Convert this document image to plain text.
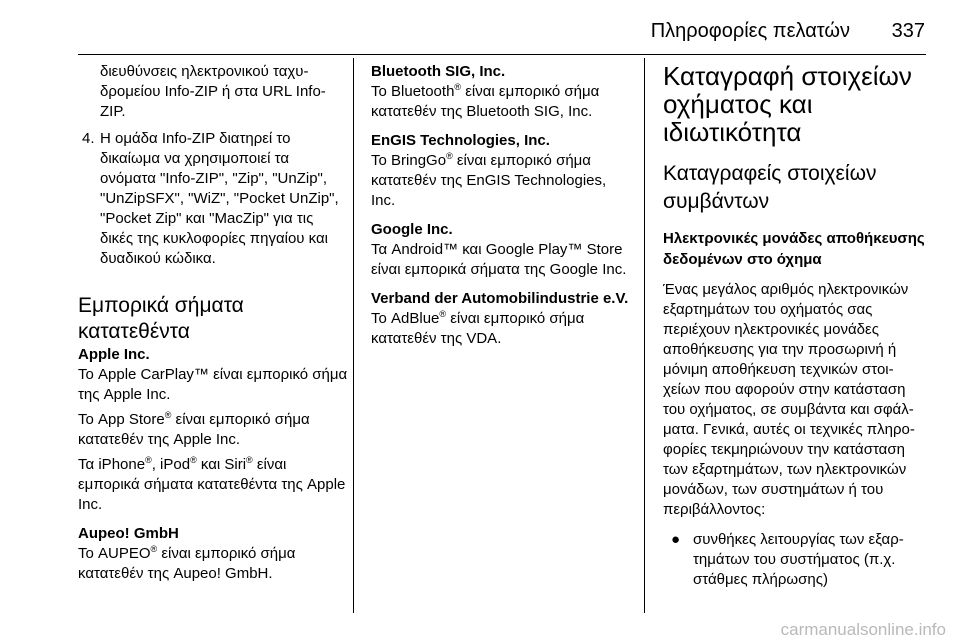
Πληροφορίες πελατών 337

διευθύνσεις ηλεκτρονικού ταχυδρομείου Info-ZIP ή στα URL Info-ZIP.

4. Η ομάδα Info-ZIP διατηρεί το δικαίωμα να χρησιμοποιεί τα ονόματα "Info-ZIP", "Zip", "UnZip", "UnZipSFX", "WiZ", "Pocket UnZip", "Pocket Zip" και "MacZip" για τις δικές της κυκλοφορίες πηγαίου και δυαδικού κώδικα.
Εμπορικά σήματα κατατεθέντα

Apple Inc.

Το Apple CarPlay™ είναι εμπορικό σήμα της Apple Inc.

Το App Store® είναι εμπορικό σήμα κατατεθέν της Apple Inc.

Τα iPhone®, iPod® και Siri® είναι εμπορικά σήματα κατατεθέντα της Apple Inc.

Aupeo! GmbH

Το AUPEO® είναι εμπορικό σήμα κατατεθέν της Aupeo! GmbH.

Bluetooth SIG, Inc.

Το Bluetooth® είναι εμπορικό σήμα κατατεθέν της Bluetooth SIG, Inc.

EnGIS Technologies, Inc.

Το BringGo® είναι εμπορικό σήμα κατατεθέν της EnGIS Technologies, Inc.

Google Inc.

Τα Android™ και Google Play™ Store είναι εμπορικά σήματα της Google Inc.

Verband der Automobilindustrie e.V.

Το AdBlue® είναι εμπορικό σήμα κατατεθέν της VDA.

Καταγραφή στοιχείων οχήματος και ιδιωτικότητα
Καταγραφείς στοιχείων συμβάντων
Ηλεκτρονικές μονάδες αποθήκευσης δεδομένων στο όχημα

Ένας μεγάλος αριθμός ηλεκτρονικών εξαρτημάτων του οχήματός σας περιέχουν ηλεκτρονικές μονάδες αποθήκευσης για την προσωρινή ή μόνιμη αποθήκευση τεχνικών στοιχείων που αφορούν στην κατάσταση του οχήματος, σε συμβάντα και σφάλματα. Γενικά, αυτές οι τεχνικές πληροφορίες τεκμηριώνουν την κατάσταση των εξαρτημάτων, των ηλεκτρονικών μονάδων, των συστημάτων ή του περιβάλλοντος:

● συνθήκες λειτουργίας των εξαρτημάτων του συστήματος (π.χ. στάθμες πλήρωσης)
carmanualsonline.info
